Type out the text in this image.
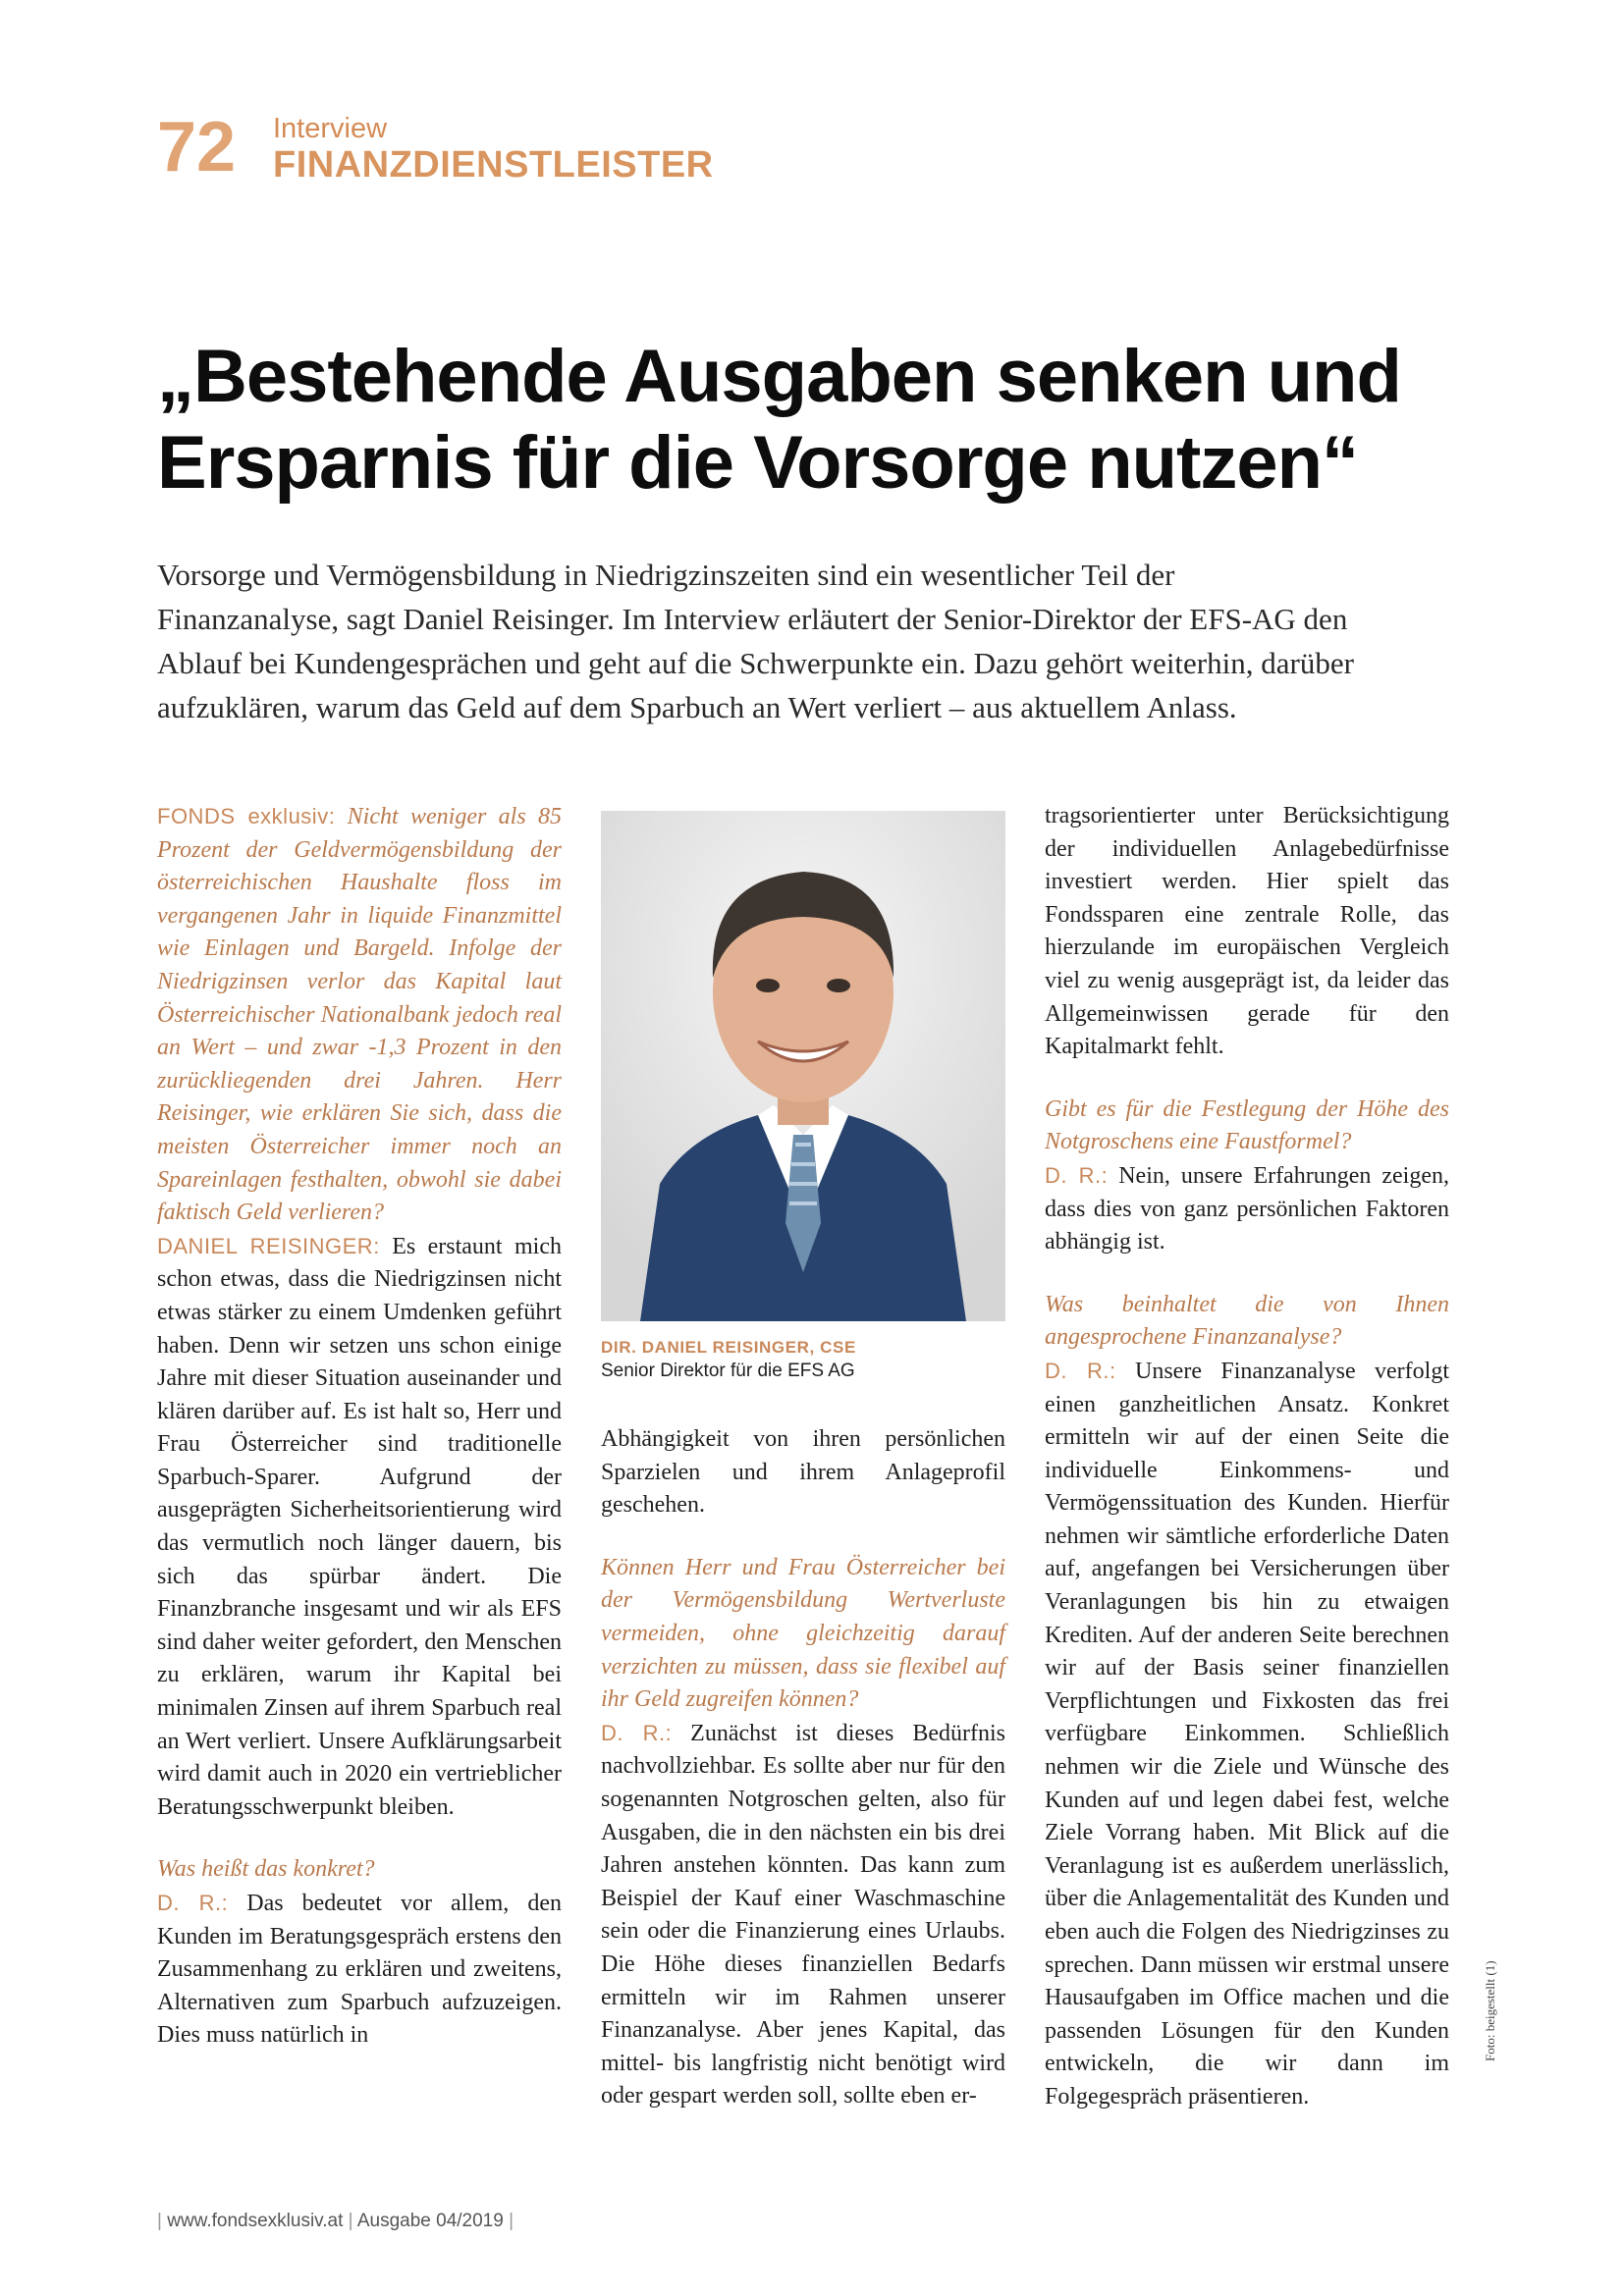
72 Interview
FINANZDIENSTLEISTER
„Bestehende Ausgaben senken und Ersparnis für die Vorsorge nutzen“

Vorsorge und Vermögensbildung in Niedrigzinszeiten sind ein wesentlicher Teil der Finanzanalyse, sagt Daniel Reisinger. Im Interview erläutert der Senior-Direktor der EFS-AG den Ablauf bei Kundengesprächen und geht auf die Schwerpunkte ein. Dazu gehört weiterhin, darüber aufzuklären, warum das Geld auf dem Sparbuch an Wert verliert – aus aktuellem Anlass.

FONDS exklusiv: Nicht weniger als 85 Prozent der Geldvermögensbildung der österreichischen Haushalte floss im vergangenen Jahr in liquide Finanzmittel wie Einlagen und Bargeld. Infolge der Niedrigzinsen verlor das Kapital laut Österreichischer Nationalbank jedoch real an Wert – und zwar -1,3 Prozent in den zurückliegenden drei Jahren. Herr Reisinger, wie erklären Sie sich, dass die meisten Österreicher immer noch an Spareinlagen festhalten, obwohl sie dabei faktisch Geld verlieren?

DANIEL REISINGER: Es erstaunt mich schon etwas, dass die Niedrigzinsen nicht etwas stärker zu einem Umdenken geführt haben. Denn wir setzen uns schon einige Jahre mit dieser Situation auseinander und klären darüber auf. Es ist halt so, Herr und Frau Österreicher sind traditionelle Sparbuch-Sparer. Aufgrund der ausgeprägten Sicherheitsorientierung wird das vermutlich noch länger dauern, bis sich das spürbar ändert. Die Finanzbranche insgesamt und wir als EFS sind daher weiter gefordert, den Menschen zu erklären, warum ihr Kapital bei minimalen Zinsen auf ihrem Sparbuch real an Wert verliert. Unsere Aufklärungsarbeit wird damit auch in 2020 ein vertrieblicher Beratungsschwerpunkt bleiben.

Was heißt das konkret?

D. R.: Das bedeutet vor allem, den Kunden im Beratungsgespräch erstens den Zusammenhang zu erklären und zweitens, Alternativen zum Sparbuch aufzuzeigen. Dies muss natürlich in

DIR. DANIEL REISINGER, CSE
Senior Direktor für die EFS AG

Abhängigkeit von ihren persönlichen Sparzielen und ihrem Anlageprofil geschehen.

Können Herr und Frau Österreicher bei der Vermögensbildung Wertverluste vermeiden, ohne gleichzeitig darauf verzichten zu müssen, dass sie flexibel auf ihr Geld zugreifen können?

D. R.: Zunächst ist dieses Bedürfnis nachvollziehbar. Es sollte aber nur für den sogenannten Notgroschen gelten, also für Ausgaben, die in den nächsten ein bis drei Jahren anstehen könnten. Das kann zum Beispiel der Kauf einer Waschmaschine sein oder die Finanzierung eines Urlaubs. Die Höhe dieses finanziellen Bedarfs ermitteln wir im Rahmen unserer Finanzanalyse. Aber jenes Kapital, das mittel- bis langfristig nicht benötigt wird oder gespart werden soll, sollte eben er-

tragsorientierter unter Berücksichtigung der individuellen Anlagebedürfnisse investiert werden. Hier spielt das Fondssparen eine zentrale Rolle, das hierzulande im europäischen Vergleich viel zu wenig ausgeprägt ist, da leider das Allgemeinwissen gerade für den Kapitalmarkt fehlt.

Gibt es für die Festlegung der Höhe des Notgroschens eine Faustformel?

D. R.: Nein, unsere Erfahrungen zeigen, dass dies von ganz persönlichen Faktoren abhängig ist.

Was beinhaltet die von Ihnen angesprochene Finanzanalyse?

D. R.: Unsere Finanzanalyse verfolgt einen ganzheitlichen Ansatz. Konkret ermitteln wir auf der einen Seite die individuelle Einkommens- und Vermögenssituation des Kunden. Hierfür nehmen wir sämtliche erforderliche Daten auf, angefangen bei Versicherungen über Veranlagungen bis hin zu etwaigen Krediten. Auf der anderen Seite berechnen wir auf der Basis seiner finanziellen Verpflichtungen und Fixkosten das frei verfügbare Einkommen. Schließlich nehmen wir die Ziele und Wünsche des Kunden auf und legen dabei fest, welche Ziele Vorrang haben. Mit Blick auf die Veranlagung ist es außerdem unerlässlich, über die Anlagementalität des Kunden und eben auch die Folgen des Niedrigzinses zu sprechen. Dann müssen wir erstmal unsere Hausaufgaben im Office machen und die passenden Lösungen für den Kunden entwickeln, die wir dann im Folgegespräch präsentieren.

| www.fondsexklusiv.at | Ausgabe 04/2019 |
Foto: beigestellt (1)
